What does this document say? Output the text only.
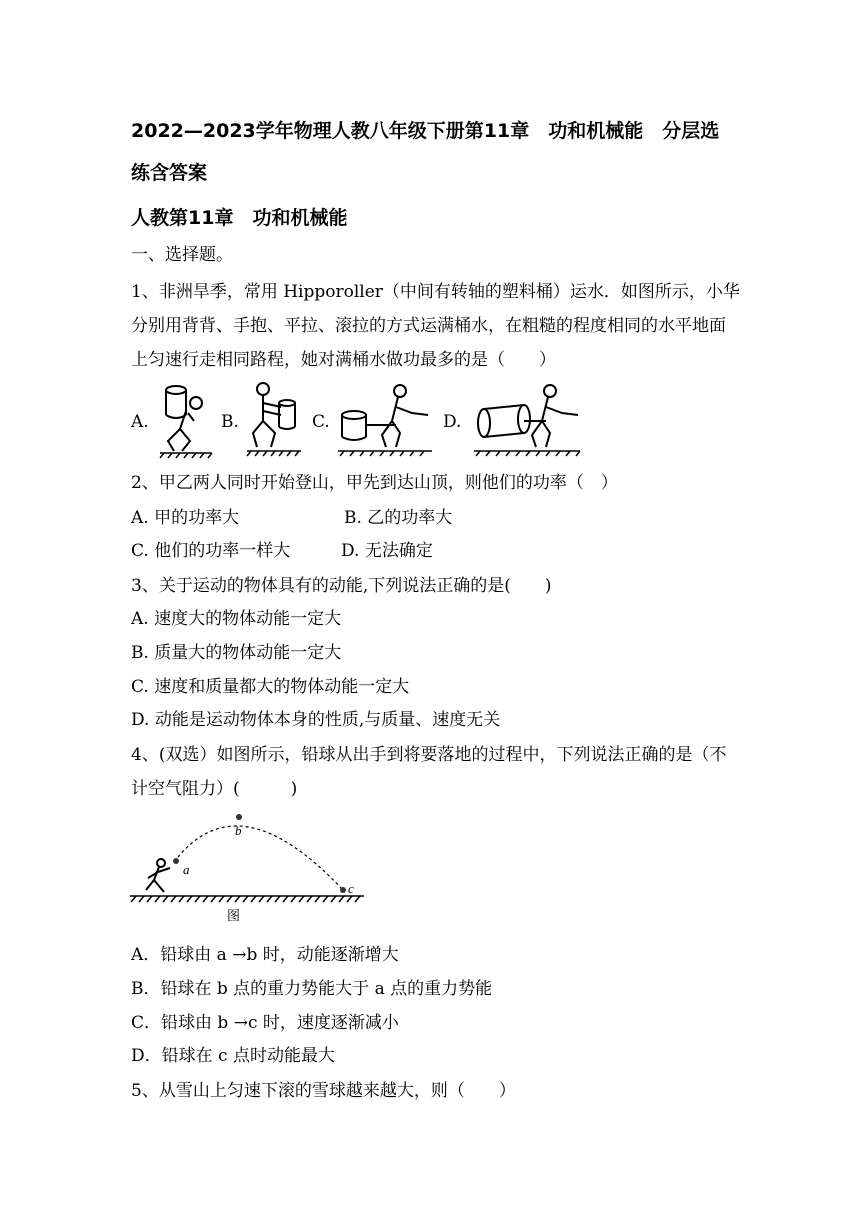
2022—2023学年物理人教八年级下册第11章　功和机械能　分层选
练含答案
人教第11章　功和机械能
一、选择题。
1、非洲旱季，常用 Hipporoller（中间有转轴的塑料桶）运水．如图所示，小华
分别用背背、手抱、平拉、滚拉的方式运满桶水，在粗糙的程度相同的水平地面
上匀速行走相同路程，她对满桶水做功最多的是（　　）
A.	B.	C.	D.
2、甲乙两人同时开始登山，甲先到达山顶，则他们的功率（　）
A. 甲的功率大	B. 乙的功率大
C. 他们的功率一样大	D. 无法确定
3、关于运动的物体具有的动能,下列说法正确的是(　　)
A. 速度大的物体动能一定大
B. 质量大的物体动能一定大
C. 速度和质量都大的物体动能一定大
D. 动能是运动物体本身的性质,与质量、速度无关
4、(双选）如图所示，铅球从出手到将要落地的过程中，下列说法正确的是（不
计空气阻力）(　　　)
a
b
c
图
A．铅球由 a →b 时，动能逐渐增大
B．铅球在 b 点的重力势能大于 a 点的重力势能
C．铅球由 b →c 时，速度逐渐减小
D．铅球在 c 点时动能最大
5、从雪山上匀速下滚的雪球越来越大，则（　　）
